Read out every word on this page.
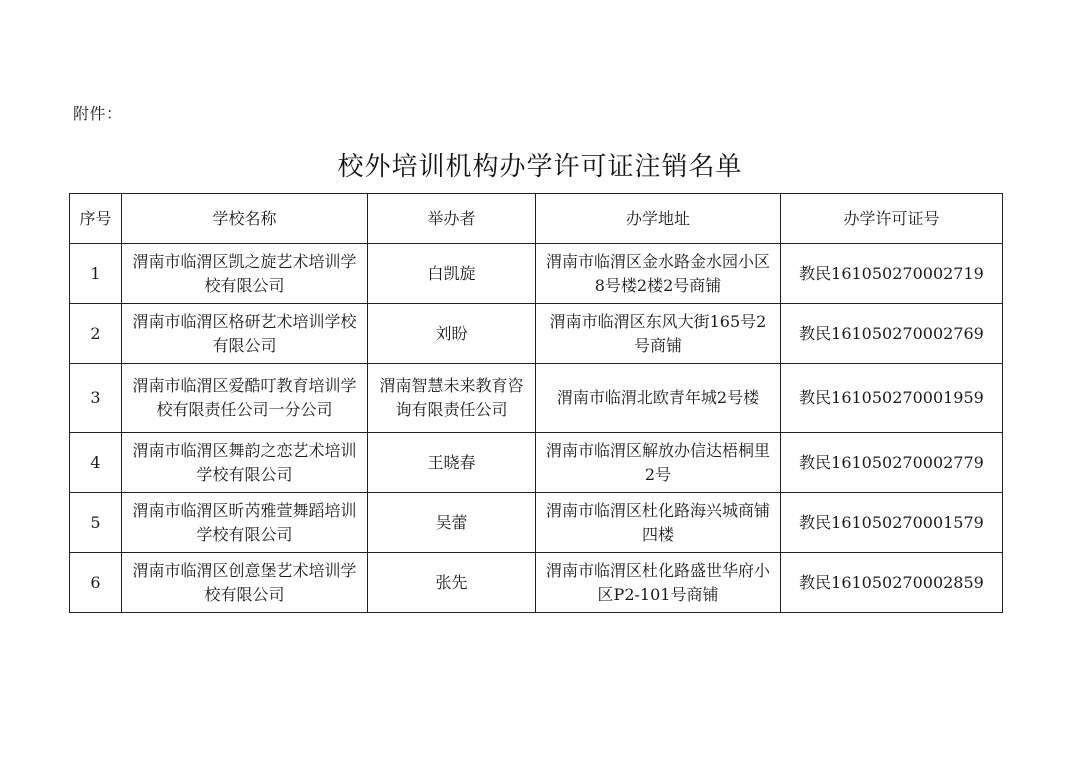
附件：
校外培训机构办学许可证注销名单
序号	学校名称	举办者	办学地址	办学许可证号
1	渭南市临渭区凯之旋艺术培训学校有限公司	白凯旋	渭南市临渭区金水路金水园小区8号楼2楼2号商铺	教民161050270002719
2	渭南市临渭区格研艺术培训学校有限公司	刘盼	渭南市临渭区东风大街165号2号商铺	教民161050270002769
3	渭南市临渭区爱酷叮教育培训学校有限责任公司一分公司	渭南智慧未来教育咨询有限责任公司	渭南市临渭北欧青年城2号楼	教民161050270001959
4	渭南市临渭区舞韵之恋艺术培训学校有限公司	王晓春	渭南市临渭区解放办信达梧桐里2号	教民161050270002779
5	渭南市临渭区昕芮雅萱舞蹈培训学校有限公司	吴蕾	渭南市临渭区杜化路海兴城商铺四楼	教民161050270001579
6	渭南市临渭区创意堡艺术培训学校有限公司	张先	渭南市临渭区杜化路盛世华府小区P2-101号商铺	教民161050270002859
